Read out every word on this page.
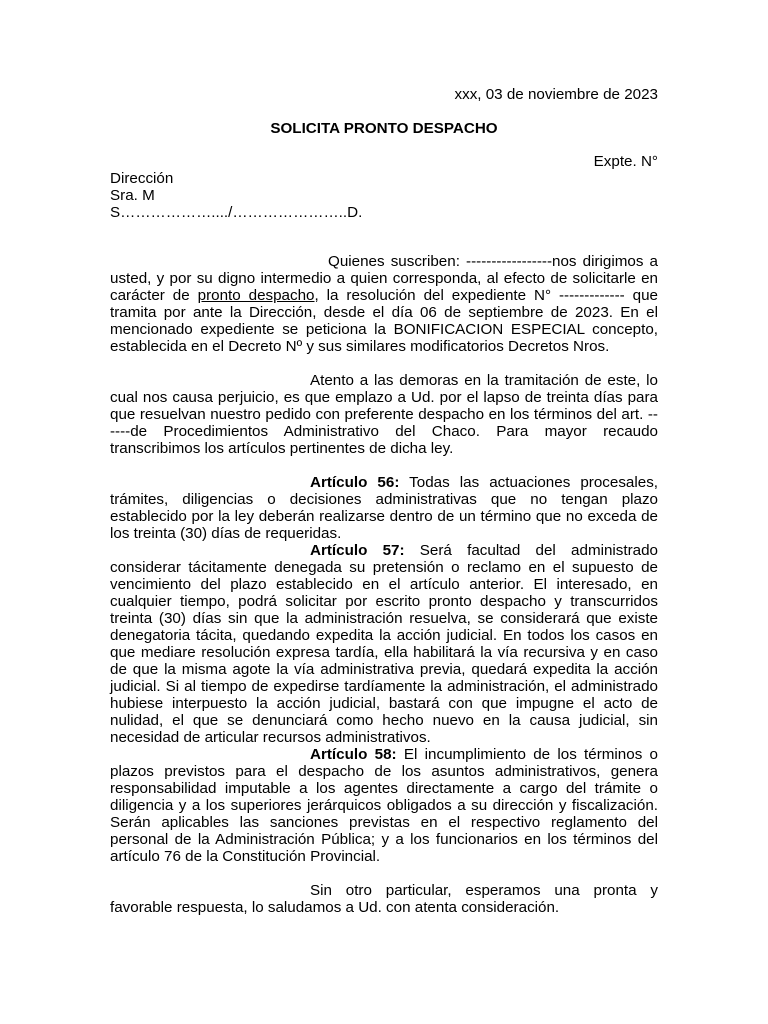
xxx, 03 de noviembre de 2023
SOLICITA PRONTO DESPACHO
Expte. N°
Dirección
Sra. M
S………………..../…………………..D.

Quienes suscriben: -----------------nos dirigimos a usted, y por su digno intermedio a quien corresponda, al efecto de solicitarle en carácter de pronto despacho, la resolución del expediente N° ------------- que tramita por ante la Dirección, desde el día 06 de septiembre de 2023. En el mencionado expediente se peticiona la BONIFICACION ESPECIAL concepto, establecida en el Decreto Nº y sus similares modificatorios Decretos Nros.

Atento a las demoras en la tramitación de este, lo cual nos causa perjuicio, es que emplazo a Ud. por el lapso de treinta días para que resuelvan nuestro pedido con preferente despacho en los términos del art. ------de Procedimientos Administrativo del Chaco. Para mayor recaudo transcribimos los artículos pertinentes de dicha ley.

Artículo 56: Todas las actuaciones procesales, trámites, diligencias o decisiones administrativas que no tengan plazo establecido por la ley deberán realizarse dentro de un término que no exceda de los treinta (30) días de requeridas.

Artículo 57: Será facultad del administrado considerar tácitamente denegada su pretensión o reclamo en el supuesto de vencimiento del plazo establecido en el artículo anterior. El interesado, en cualquier tiempo, podrá solicitar por escrito pronto despacho y transcurridos treinta (30) días sin que la administración resuelva, se considerará que existe denegatoria tácita, quedando expedita la acción judicial. En todos los casos en que mediare resolución expresa tardía, ella habilitará la vía recursiva y en caso de que la misma agote la vía administrativa previa, quedará expedita la acción judicial. Si al tiempo de expedirse tardíamente la administración, el administrado hubiese interpuesto la acción judicial, bastará con que impugne el acto de nulidad, el que se denunciará como hecho nuevo en la causa judicial, sin necesidad de articular recursos administrativos.

Artículo 58: El incumplimiento de los términos o plazos previstos para el despacho de los asuntos administrativos, genera responsabilidad imputable a los agentes directamente a cargo del trámite o diligencia y a los superiores jerárquicos obligados a su dirección y fiscalización. Serán aplicables las sanciones previstas en el respectivo reglamento del personal de la Administración Pública; y a los funcionarios en los términos del artículo 76 de la Constitución Provincial.

Sin otro particular, esperamos una pronta y favorable respuesta, lo saludamos a Ud. con atenta consideración.
